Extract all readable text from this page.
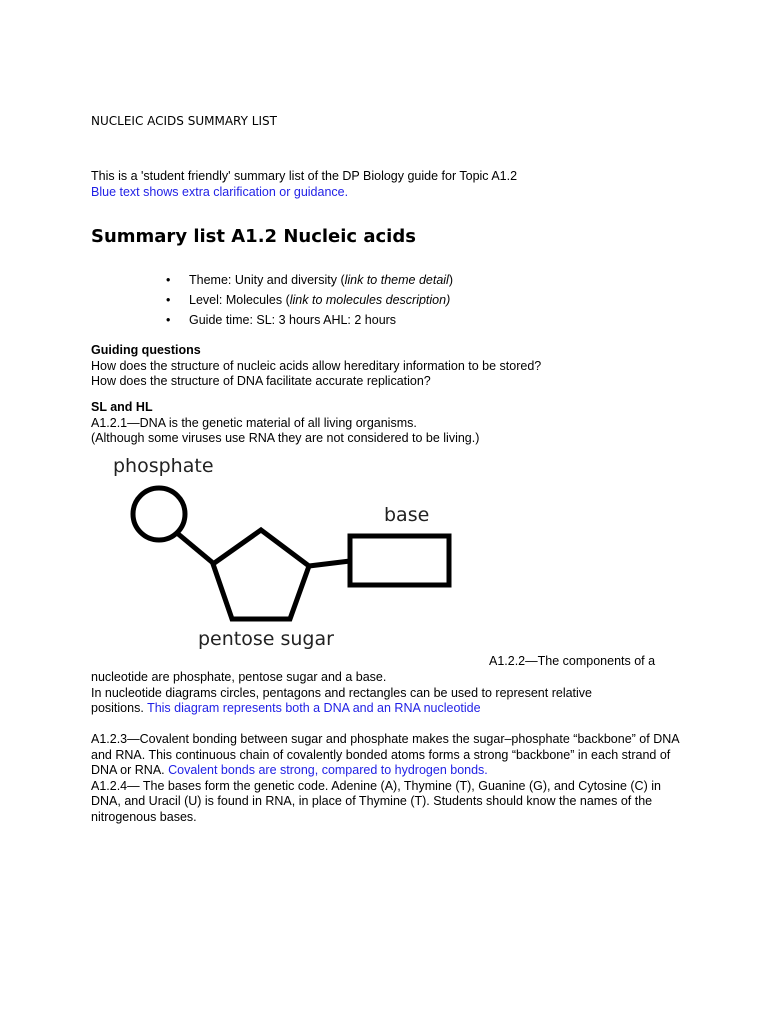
NUCLEIC ACIDS SUMMARY LIST

This is a 'student friendly' summary list of the DP Biology guide for Topic A1.2
Blue text shows extra clarification or guidance.
Summary list A1.2 Nucleic acids
• Theme: Unity and diversity (link to theme detail)
• Level: Molecules (link to molecules description)
• Guide time: SL: 3 hours AHL: 2 hours
Guiding questions
How does the structure of nucleic acids allow hereditary information to be stored?
How does the structure of DNA facilitate accurate replication?
SL and HL
A1.2.1—DNA is the genetic material of all living organisms.
(Although some viruses use RNA they are not considered to be living.)
phosphate
base
pentose sugar
A1.2.2—The components of a
nucleotide are phosphate, pentose sugar and a base.
In nucleotide diagrams circles, pentagons and rectangles can be used to represent relative
positions. This diagram represents both a DNA and an RNA nucleotide
A1.2.3—Covalent bonding between sugar and phosphate makes the sugar–phosphate “backbone” of DNA and RNA. This continuous chain of covalently bonded atoms forms a strong “backbone” in each strand of DNA or RNA. Covalent bonds are strong, compared to hydrogen bonds.
A1.2.4— The bases form the genetic code. Adenine (A), Thymine (T), Guanine (G), and Cytosine (C) in DNA, and Uracil (U) is found in RNA, in place of Thymine (T). Students should know the names of the nitrogenous bases.
